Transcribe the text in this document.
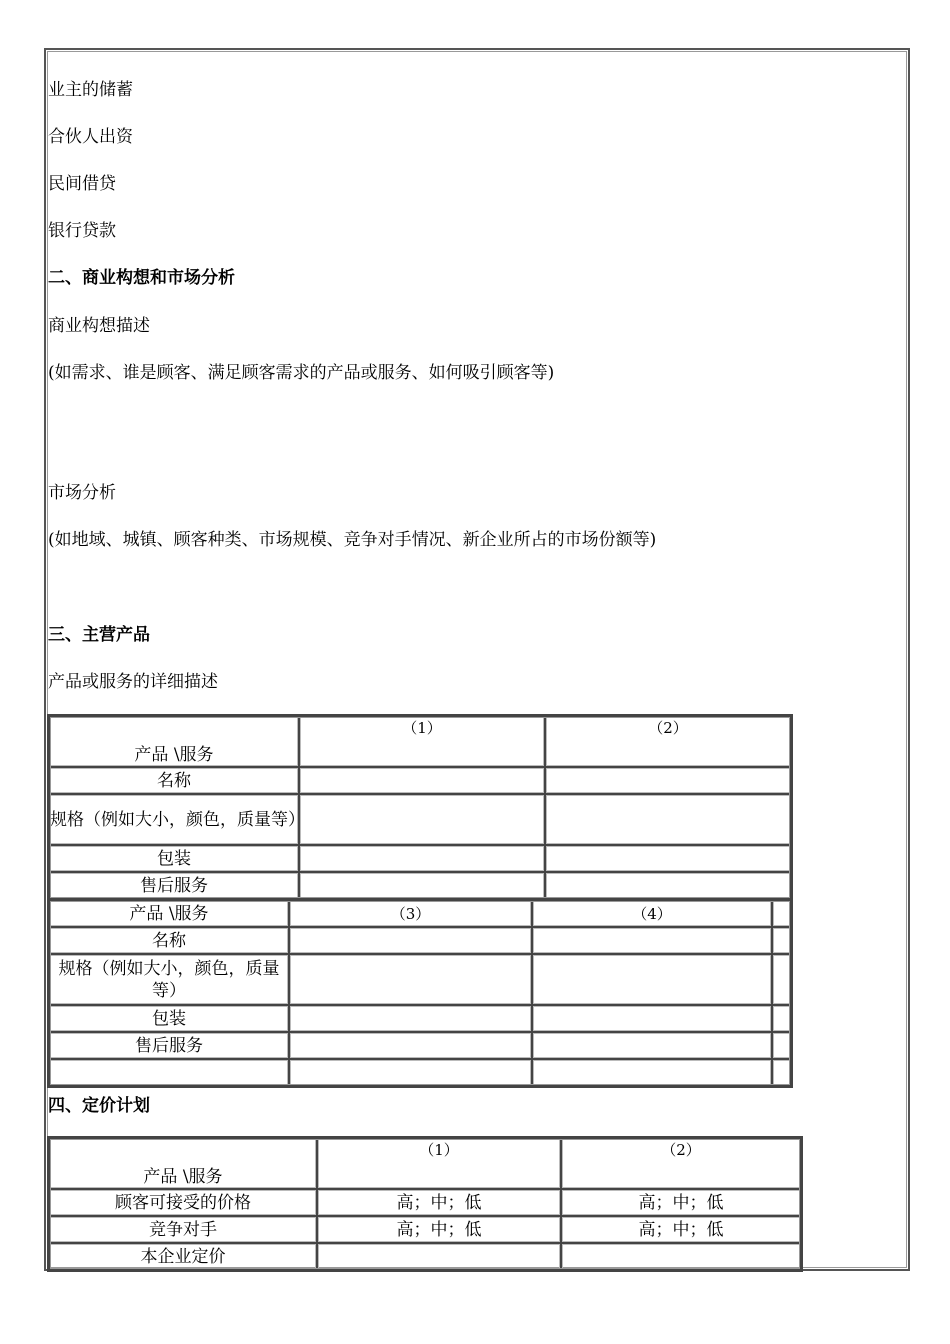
业主的储蓄
合伙人出资
民间借贷
银行贷款
二、商业构想和市场分析
商业构想描述
(如需求、谁是顾客、满足顾客需求的产品或服务、如何吸引顾客等)
市场分析
(如地域、城镇、顾客种类、市场规模、竞争对手情况、新企业所占的市场份额等)
三、主营产品
产品或服务的详细描述
产品 \服务	（1）	（2）
名称		
规格（例如大小，颜色，质量等）		
包装		
售后服务		
产品 \服务	（3）	（4）	
名称			
规格（例如大小，颜色，质量等）			
包装			
售后服务			

四、定价计划
产品 \服务	（1）	（2）
顾客可接受的价格	高；中；低	高；中；低
竞争对手	高；中；低	高；中；低
本企业定价		
